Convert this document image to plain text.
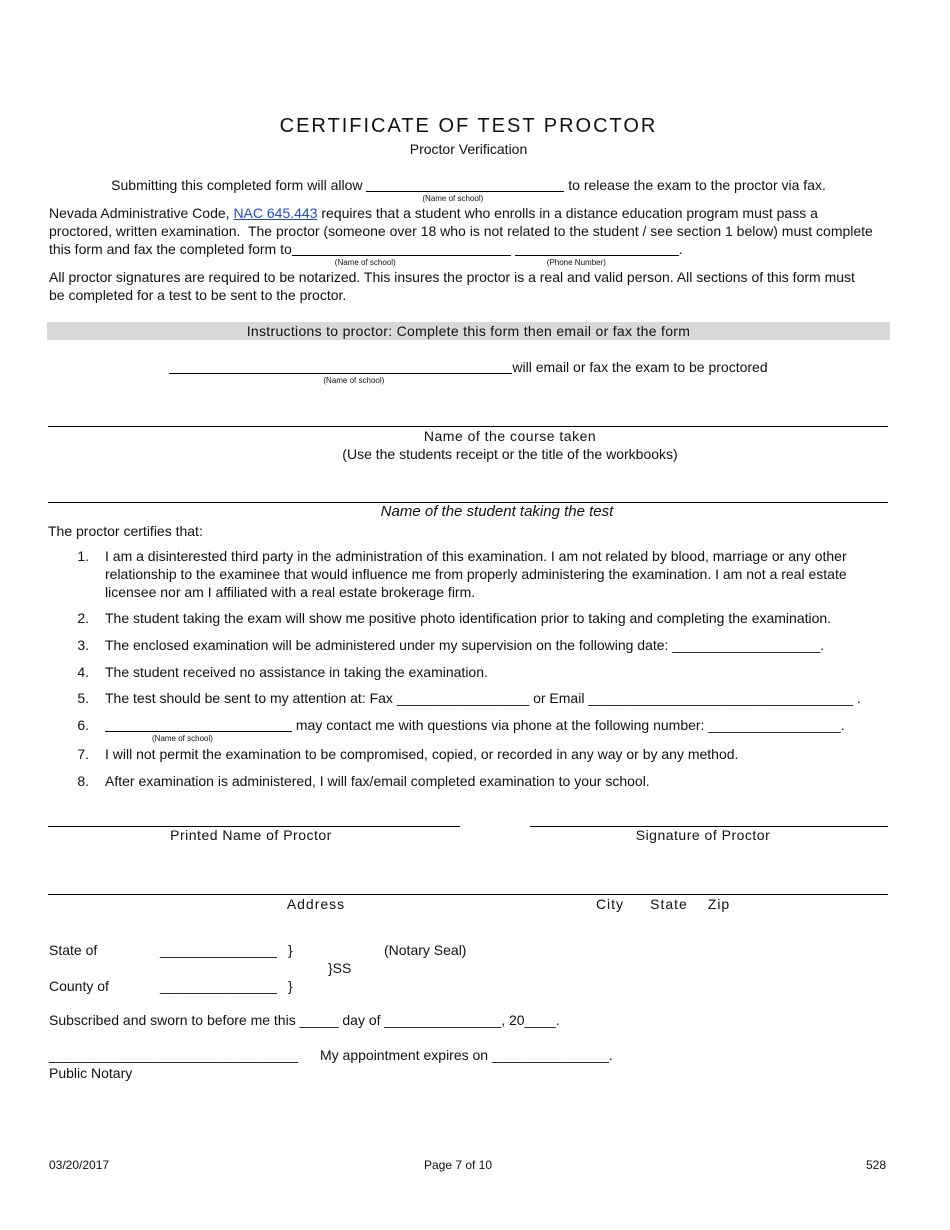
CERTIFICATE OF TEST PROCTOR
Proctor Verification
Submitting this completed form will allow
(Name of school)
to release the exam to the proctor via fax.
Nevada Administrative Code, NAC 645.443 requires that a student who enrolls in a distance education program must pass a
proctored, written examination.  The proctor (someone over 18 who is not related to the student / see section 1 below) must complete
this form and fax the completed form to
(Name of school)	(Phone Number)
.
All proctor signatures are required to be notarized. This insures the proctor is a real and valid person. All sections of this form must
be completed for a test to be sent to the proctor.
Instructions to proctor: Complete this form then email or fax the form
(Name of school)
will email or fax the exam to be proctored
Name of the course taken
(Use the students receipt or the title of the workbooks)
Name of the student taking the test
The proctor certifies that:
1. I am a disinterested third party in the administration of this examination. I am not related by blood, marriage or any other
relationship to the examinee that would influence me from properly administering the examination. I am not a real estate
licensee nor am I affiliated with a real estate brokerage firm.
2. The student taking the exam will show me positive photo identification prior to taking and completing the examination.
3. The enclosed examination will be administered under my supervision on the following date: ___________________.
4. The student received no assistance in taking the examination.
5. The test should be sent to my attention at: Fax _________________ or Email __________________________________ .
6.
(Name of school)
may contact me with questions via phone at the following number: _________________.
7. I will not permit the examination to be compromised, copied, or recorded in any way or by any method.
8. After examination is administered, I will fax/email completed examination to your school.
Printed Name of Proctor	Signature of Proctor
Address	City	State	Zip
State of	_______________ }	(Notary Seal)
}SS
County of	_______________ }
Subscribed and sworn to before me this _____ day of _______________, 20____.
________________________________ My appointment expires on _______________.
Public Notary
03/20/2017	Page 7 of 10	528
